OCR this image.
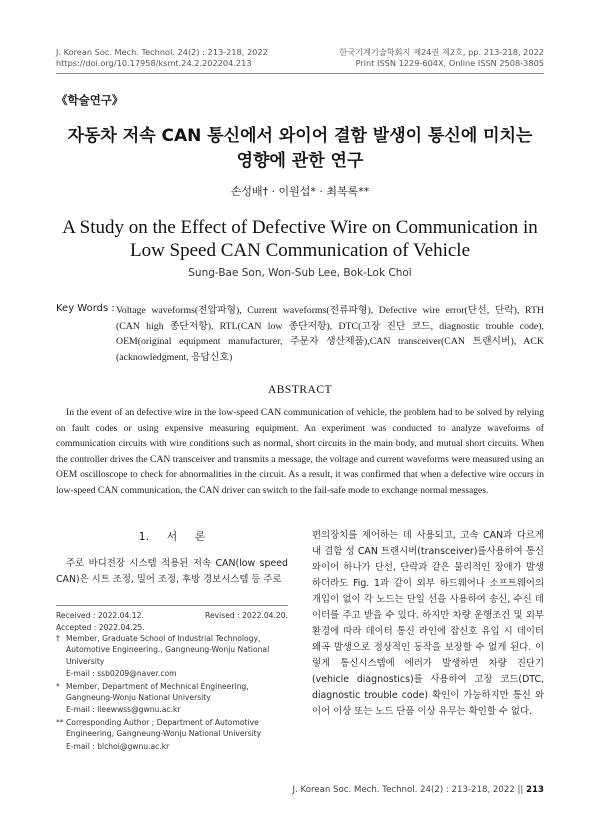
J. Korean Soc. Mech. Technol. 24(2) : 213-218, 2022
https://doi.org/10.17958/ksmt.24.2.202204.213
한국기계기술학회지 제24권 제2호, pp. 213-218, 2022
Print ISSN 1229-604X, Online ISSN 2508-3805
《학술연구》
자동차 저속 CAN 통신에서 와이어 결함 발생이 통신에 미치는
영향에 관한 연구
손성배† · 이원섭* · 최복록**
A Study on the Effect of Defective Wire on Communication in
Low Speed CAN Communication of Vehicle
Sung-Bae Son, Won-Sub Lee, Bok-Lok Choi
Key Words : Voltage waveforms(전압파형), Current waveforms(전류파형), Defective wire error(단선, 단락), RTH (CAN high 종단저항), RTL(CAN low 종단저항), DTC(고장 진단 코드, diagnostic trouble code), OEM(original equipment manufacturer, 주문자 생산제품),CAN transceiver(CAN 트랜시버), ACK (acknowledgment, 응답신호)
ABSTRACT
In the event of an defective wire in the low-speed CAN communication of vehicle, the problem had to be solved by relying on fault codes or using expensive measuring equipment. An experiment was conducted to analyze waveforms of communication circuits with wire conditions such as normal, short circuits in the main body, and mutual short circuits. When the controller drives the CAN transceiver and transmits a message, the voltage and current waveforms were measured using an OEM oscilloscope to check for abnormalities in the circuit. As a result, it was confirmed that when a defective wire occurs in low-speed CAN communication, the CAN driver can switch to the fail-safe mode to exchange normal messages.
1. 서 론
주로 바디전장 시스템 적용된 저속 CAN(low speed CAN)은 시트 조정, 밀어 조정, 후방 경보시스템 등 주로
Received : 2022.04.12.	Revised : 2022.04.20.
Accepted : 2022.04.25.
† Member, Graduate School of Industrial Technology, Automotive Engineering., Gangneung-Wonju National University
E-mail : ssb0209@naver.com
* Member, Department of Mechnical Engineering, Gangneung-Wonju National University
E-mail : lleewwss@gwnu.ac.kr
** Corresponding Author ; Department of Automotive Engineering, Gangneung-Wonju National University
E-mail : blchoi@gwnu.ac.kr
편의장치를 제어하는 데 사용되고, 고속 CAN과 다르게 내 결함 성 CAN 트랜시버(transceiver)를사용하여 통신 와이어 하나가 단선, 단락과 같은 물리적인 장애가 발생하더라도 Fig. 1과 같이 외부 하드웨어나 소프트웨어의 개입이 없이 각 노드는 단일 선을 사용하여 송신, 수신 데이터를 주고 받을 수 있다. 하지만 차량 운행조건 및 외부 환경에 따라 데이터 통신 라인에 잡신호 유입 시 데이터 왜곡 발생으로 정상적인 동작을 보장할 수 없게 된다. 이렇게 통신시스템에 에러가 발생하면 차량 진단기(vehicle diagnostics)를 사용하여 고장 코드(DTC, diagnostic trouble code) 확인이 가능하지만 통신 와이어 이상 또는 노드 단품 이상 유무는 확인할 수 없다.
J. Korean Soc. Mech. Technol. 24(2) : 213-218, 2022 || 213
